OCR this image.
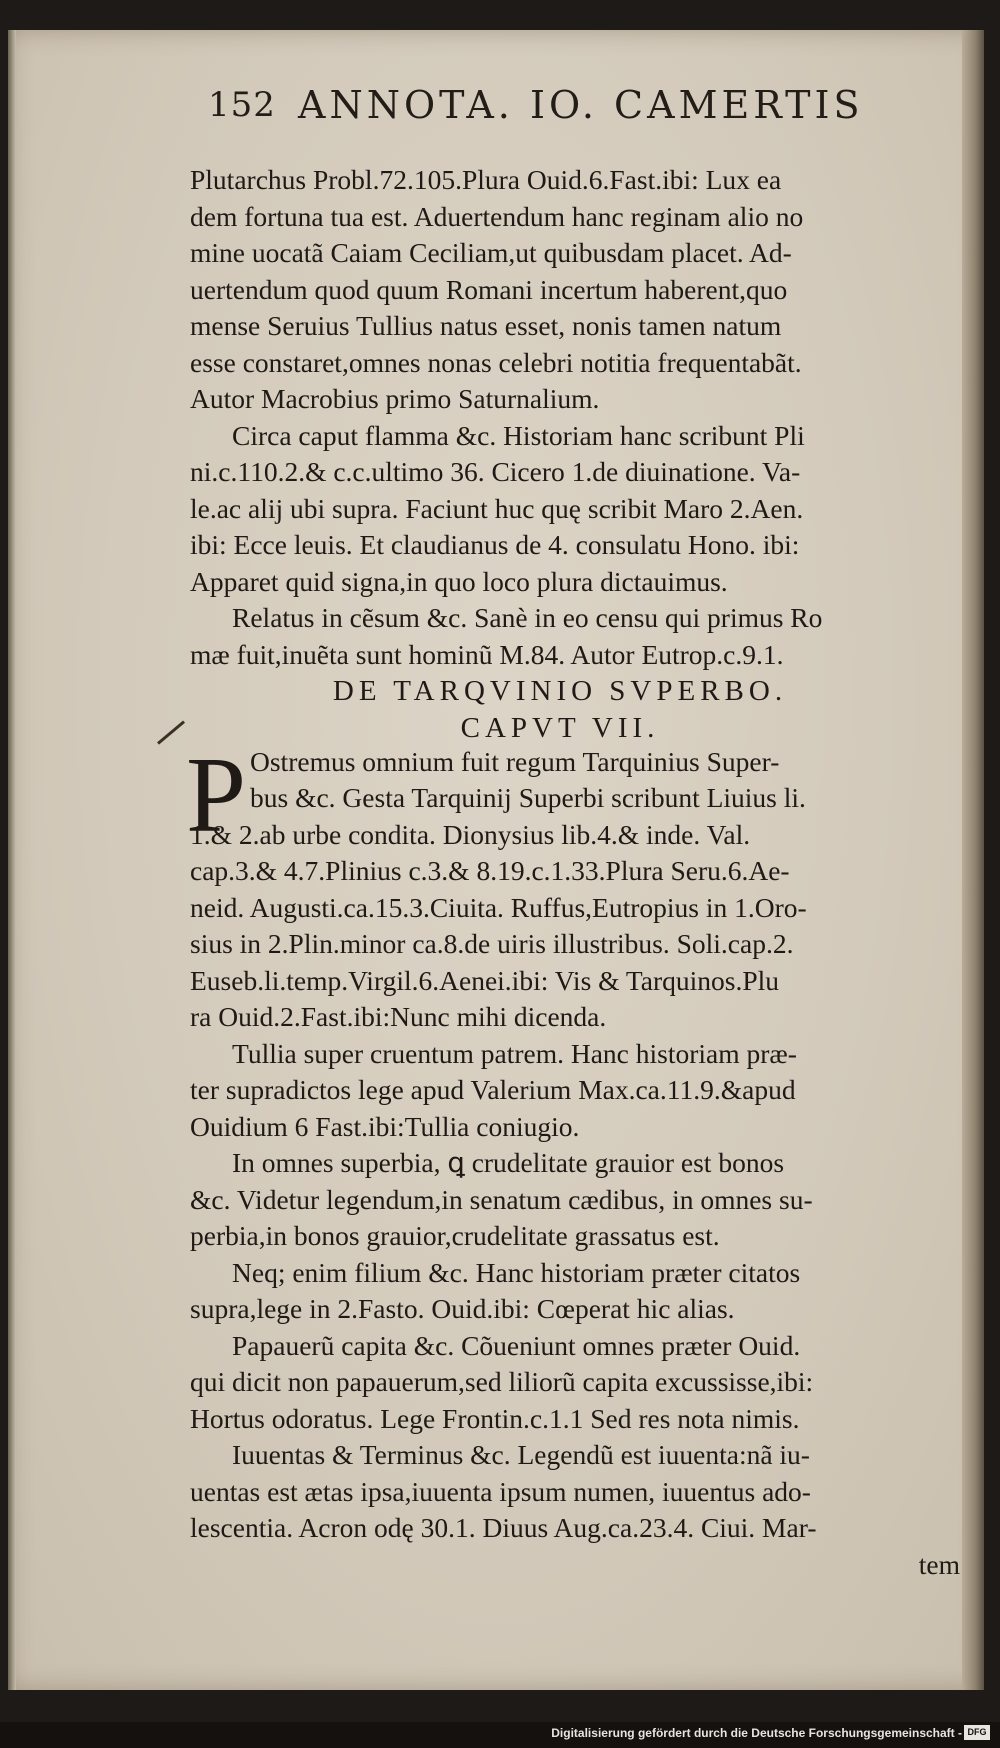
152 ANNOTA. IO. CAMERTIS
Plutarchus Probl.72.105.Plura Ouid.6.Fast.ibi: Lux ea
dem fortuna tua est. Aduertendum hanc reginam alio no
mine uocatã Caiam Ceciliam,ut quibusdam placet. Ad-
uertendum quod quum Romani incertum haberent,quo
mense Seruius Tullius natus esset, nonis tamen natum
esse constaret,omnes nonas celebri notitia frequentabãt.
Autor Macrobius primo Saturnalium.
Circa caput flamma &c. Historiam hanc scribunt Pli
ni.c.110.2.& c.c.ultimo 36. Cicero 1.de diuinatione. Va-
le.ac alij ubi supra. Faciunt huc quę scribit Maro 2.Aen.
ibi: Ecce leuis. Et claudianus de 4. consulatu Hono. ibi:
Apparet quid signa,in quo loco plura dictauimus.
Relatus in cẽsum &c. Sanè in eo censu qui primus Ro
mæ fuit,inuẽta sunt hominũ M.84. Autor Eutrop.c.9.1.
DE TARQVINIO SVPERBO.
CAPVT VII.
P Ostremus omnium fuit regum Tarquinius Super-
bus &c. Gesta Tarquinij Superbi scribunt Liuius li.
1.& 2.ab urbe condita. Dionysius lib.4.& inde. Val.
cap.3.& 4.7.Plinius c.3.& 8.19.c.1.33.Plura Seru.6.Ae-
neid. Augusti.ca.15.3.Ciuita. Ruffus,Eutropius in 1.Oro-
sius in 2.Plin.minor ca.8.de uiris illustribus. Soli.cap.2.
Euseb.li.temp.Virgil.6.Aenei.ibi: Vis & Tarquinos.Plu
ra Ouid.2.Fast.ibi:Nunc mihi dicenda.
Tullia super cruentum patrem. Hanc historiam præ-
ter supradictos lege apud Valerium Max.ca.11.9.&apud
Ouidium 6 Fast.ibi:Tullia coniugio.
In omnes superbia, ꝗ crudelitate grauior est bonos
&c. Videtur legendum,in senatum cædibus, in omnes su-
perbia,in bonos grauior,crudelitate grassatus est.
Neq; enim filium &c. Hanc historiam præter citatos
supra,lege in 2.Fasto. Ouid.ibi: Cœperat hic alias.
Papauerũ capita &c. Cõueniunt omnes præter Ouid.
qui dicit non papauerum,sed liliorũ capita excussisse,ibi:
Hortus odoratus. Lege Frontin.c.1.1 Sed res nota nimis.
Iuuentas & Terminus &c. Legendũ est iuuenta:nã iu-
uentas est ætas ipsa,iuuenta ipsum numen, iuuentus ado-
lescentia. Acron odę 30.1. Diuus Aug.ca.23.4. Ciui. Mar-
tem
Digitalisierung gefördert durch die Deutsche Forschungsgemeinschaft - DFG
